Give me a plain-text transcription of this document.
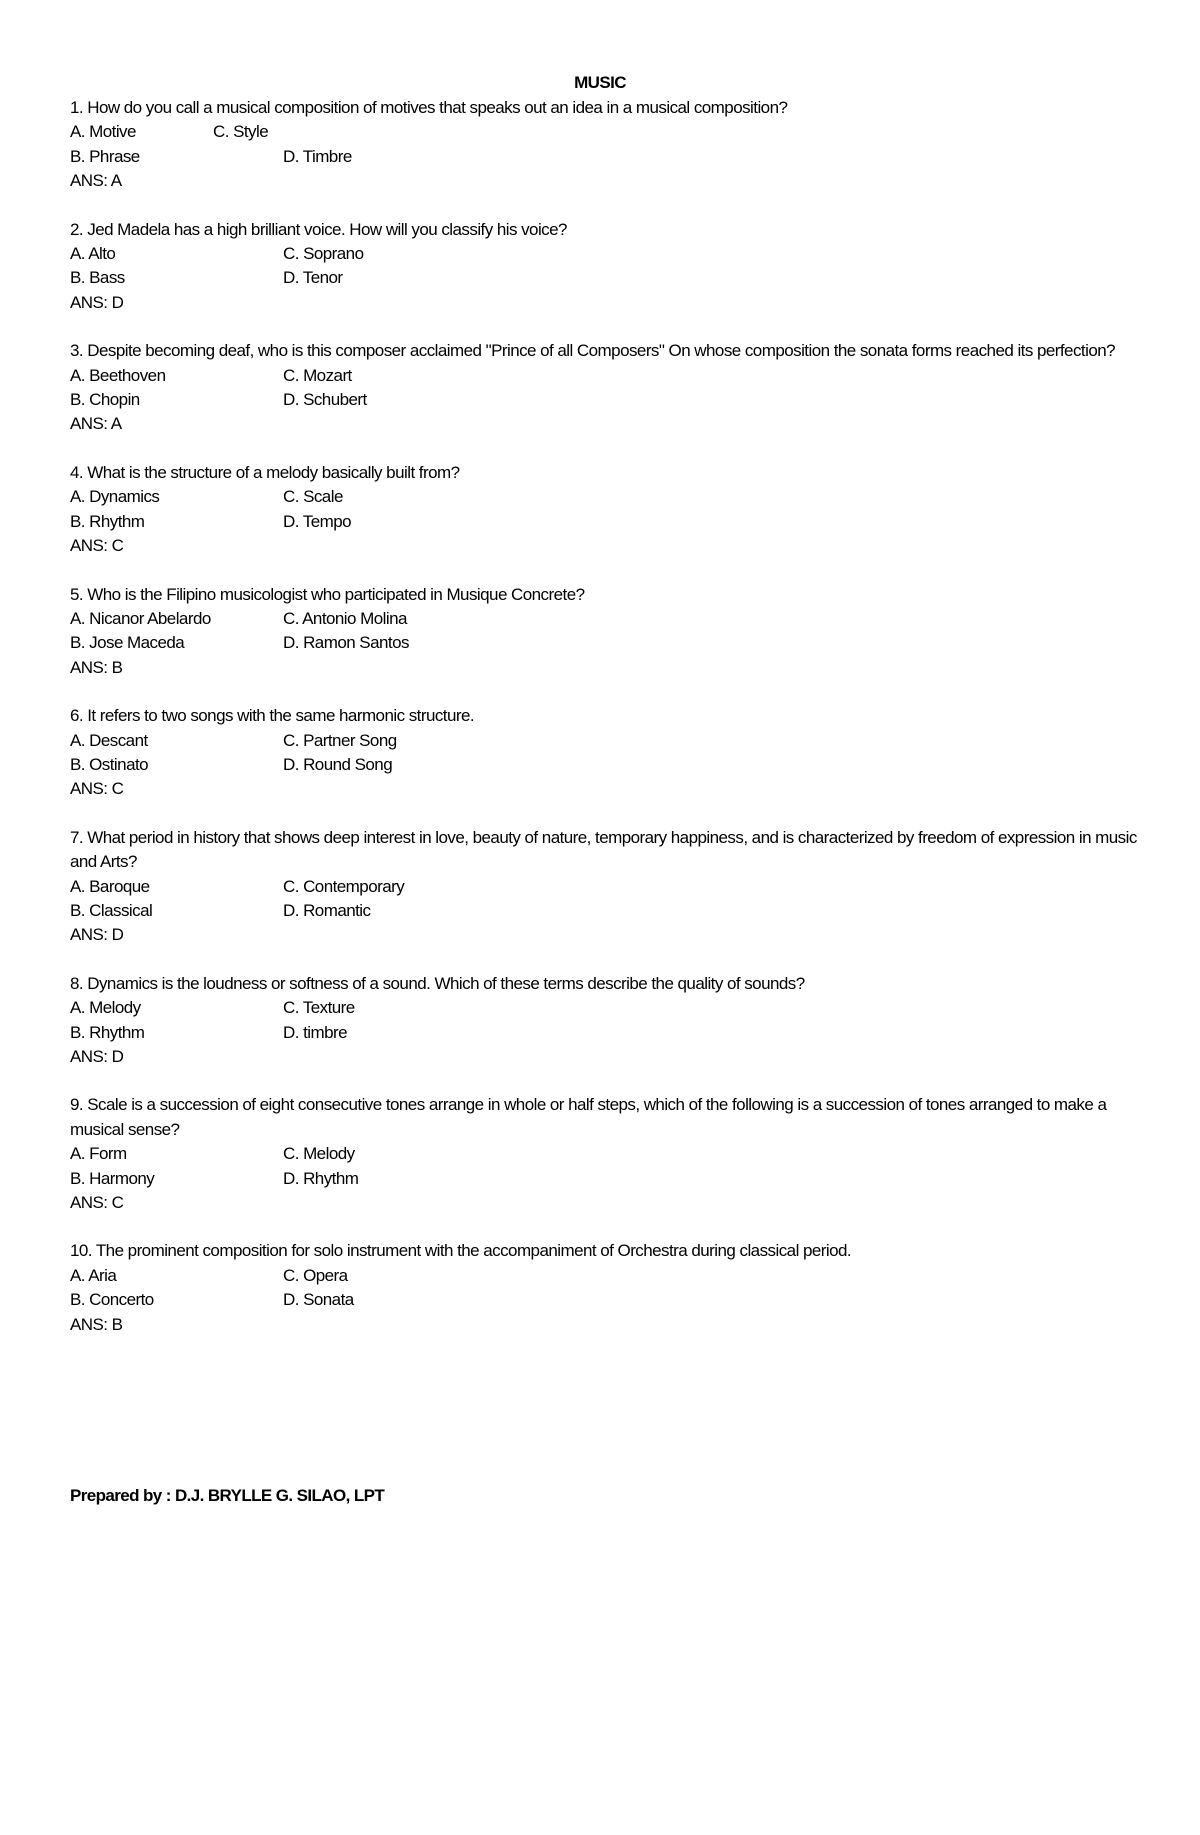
MUSIC
1. How do you call a musical composition of motives that speaks out an idea in a musical composition?
A. Motive	C. Style
B. Phrase	D. Timbre
ANS: A
2. Jed Madela has a high brilliant voice. How will you classify his voice?
A. Alto	C. Soprano
B. Bass	D. Tenor
ANS: D
3. Despite becoming deaf, who is this composer acclaimed "Prince of all Composers" On whose composition the sonata forms reached its perfection?
A. Beethoven	C. Mozart
B. Chopin	D. Schubert
ANS: A
4. What is the structure of a melody basically built from?
A. Dynamics	C. Scale
B. Rhythm	D. Tempo
ANS: C
5. Who is the Filipino musicologist who participated in Musique Concrete?
A. Nicanor Abelardo	C. Antonio Molina
B. Jose Maceda	D. Ramon Santos
ANS: B
6. It refers to two songs with the same harmonic structure.
A. Descant	C. Partner Song
B. Ostinato	D. Round Song
ANS: C
7. What period in history that shows deep interest in love, beauty of nature, temporary happiness, and is characterized by freedom of expression in music and Arts?
A. Baroque	C. Contemporary
B. Classical	D. Romantic
ANS: D
8. Dynamics is the loudness or softness of a sound. Which of these terms describe the quality of sounds?
A. Melody	C. Texture
B. Rhythm	D. timbre
ANS: D
9. Scale is a succession of eight consecutive tones arrange in whole or half steps, which of the following is a succession of tones arranged to make a musical sense?
A. Form	C. Melody
B. Harmony	D. Rhythm
ANS: C
10. The prominent composition for solo instrument with the accompaniment of Orchestra during classical period.
A. Aria	C. Opera
B. Concerto	D. Sonata
ANS: B
Prepared by : D.J. BRYLLE G. SILAO, LPT
